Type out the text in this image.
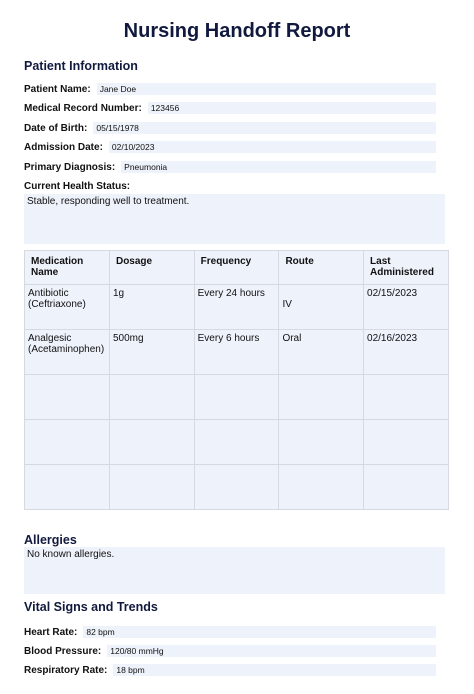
Nursing Handoff Report
Patient Information
Patient Name:	Jane Doe
Medical Record Number:	123456
Date of Birth:	05/15/1978
Admission Date:	02/10/2023
Primary Diagnosis:	Pneumonia
Current Health Status:
Stable, responding well to treatment.
Medication Name	Dosage	Frequency	Route	Last Administered
Antibiotic (Ceftriaxone)	1g	Every 24 hours	IV	02/15/2023
Analgesic (Acetaminophen)	500mg	Every 6 hours	Oral	02/16/2023

Allergies
No known allergies.
Vital Signs and Trends
Heart Rate:	82 bpm
Blood Pressure:	120/80 mmHg
Respiratory Rate:	18 bpm
